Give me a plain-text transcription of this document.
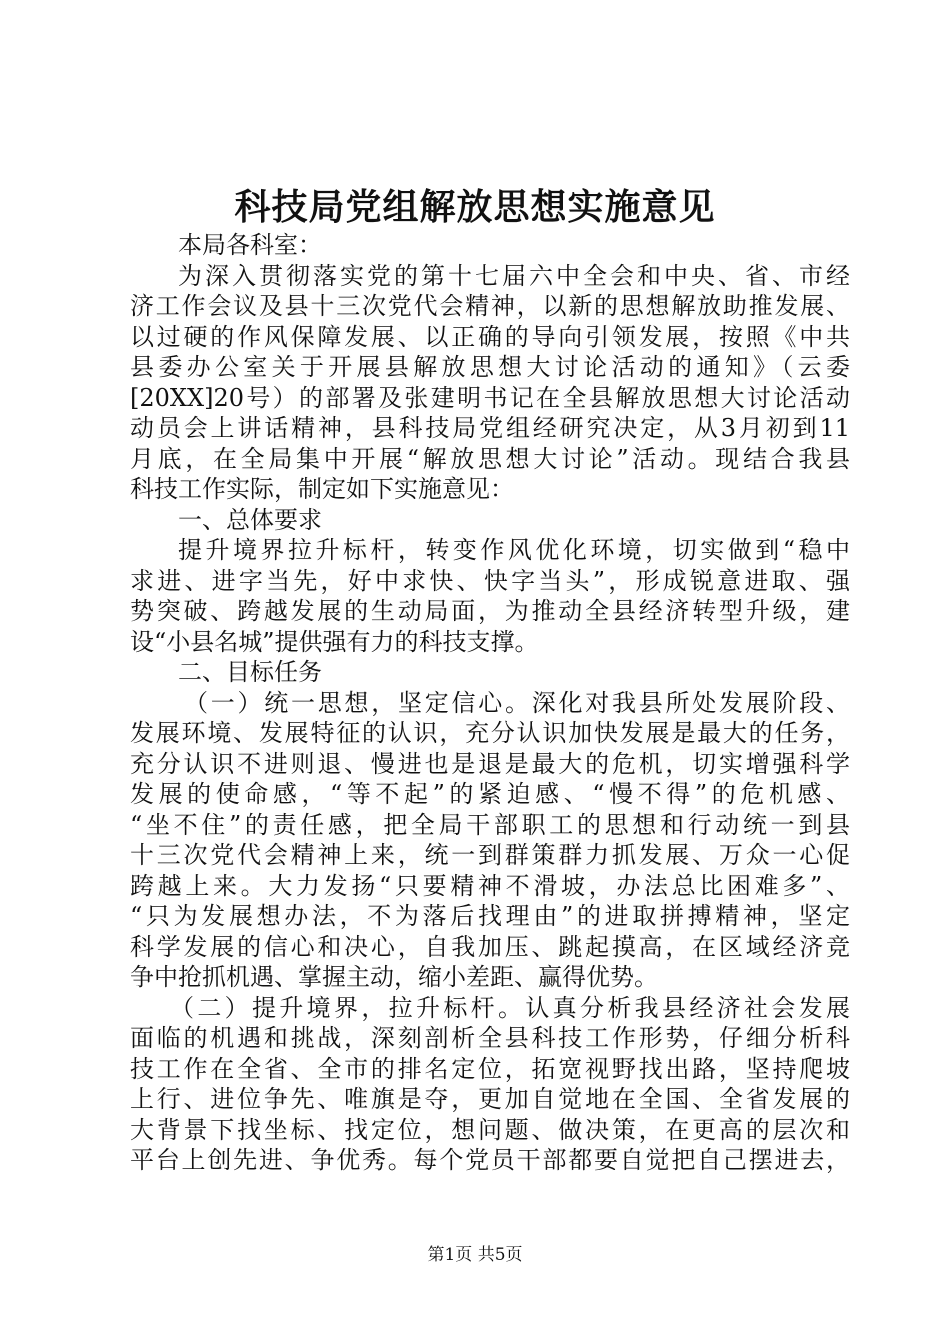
科技局党组解放思想实施意见
本局各科室：
为深入贯彻落实党的第十七届六中全会和中央、省、市经
济工作会议及县十三次党代会精神，以新的思想解放助推发展、
以过硬的作风保障发展、以正确的导向引领发展，按照《中共
县委办公室关于开展县解放思想大讨论活动的通知》（云委
[20XX]20号）的部署及张建明书记在全县解放思想大讨论活动
动员会上讲话精神，县科技局党组经研究决定，从3月初到11
月底，在全局集中开展“解放思想大讨论”活动。现结合我县
科技工作实际，制定如下实施意见：
一、总体要求
提升境界拉升标杆，转变作风优化环境，切实做到“稳中
求进、进字当先，好中求快、快字当头”，形成锐意进取、强
势突破、跨越发展的生动局面，为推动全县经济转型升级，建
设“小县名城”提供强有力的科技支撑。
二、目标任务
（一）统一思想，坚定信心。深化对我县所处发展阶段、
发展环境、发展特征的认识，充分认识加快发展是最大的任务，
充分认识不进则退、慢进也是退是最大的危机，切实增强科学
发展的使命感，“等不起”的紧迫感、“慢不得”的危机感、
“坐不住”的责任感，把全局干部职工的思想和行动统一到县
十三次党代会精神上来，统一到群策群力抓发展、万众一心促
跨越上来。大力发扬“只要精神不滑坡，办法总比困难多”、
“只为发展想办法，不为落后找理由”的进取拼搏精神，坚定
科学发展的信心和决心，自我加压、跳起摸高，在区域经济竞
争中抢抓机遇、掌握主动，缩小差距、赢得优势。
（二）提升境界，拉升标杆。认真分析我县经济社会发展
面临的机遇和挑战，深刻剖析全县科技工作形势，仔细分析科
技工作在全省、全市的排名定位，拓宽视野找出路，坚持爬坡
上行、进位争先、唯旗是夺，更加自觉地在全国、全省发展的
大背景下找坐标、找定位，想问题、做决策，在更高的层次和
平台上创先进、争优秀。每个党员干部都要自觉把自己摆进去，
第1页 共5页
